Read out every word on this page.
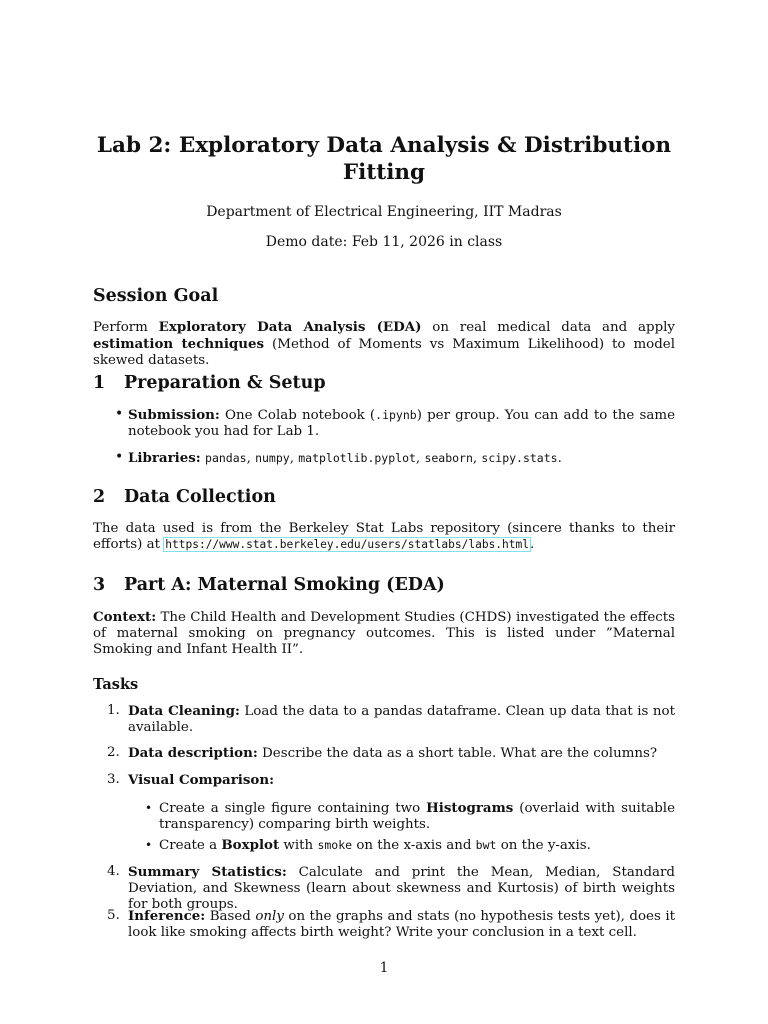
Lab 2: Exploratory Data Analysis & Distribution
Fitting
Department of Electrical Engineering, IIT Madras
Demo date: Feb 11, 2026 in class
Session Goal
Perform Exploratory Data Analysis (EDA) on real medical data and apply estimation techniques (Method of Moments vs Maximum Likelihood) to model skewed datasets.
1 Preparation & Setup
• Submission: One Colab notebook (.ipynb) per group. You can add to the same notebook you had for Lab 1.
• Libraries: pandas, numpy, matplotlib.pyplot, seaborn, scipy.stats.
2 Data Collection
The data used is from the Berkeley Stat Labs repository (sincere thanks to their efforts) at https://www.stat.berkeley.edu/users/statlabs/labs.html.
3 Part A: Maternal Smoking (EDA)
Context: The Child Health and Development Studies (CHDS) investigated the effects of maternal smoking on pregnancy outcomes. This is listed under ”Maternal Smoking and Infant Health II”.
Tasks
1. Data Cleaning: Load the data to a pandas dataframe. Clean up data that is not available.
2. Data description: Describe the data as a short table. What are the columns?
3. Visual Comparison:
• Create a single figure containing two Histograms (overlaid with suitable transparency) comparing birth weights.
• Create a Boxplot with smoke on the x-axis and bwt on the y-axis.
4. Summary Statistics: Calculate and print the Mean, Median, Standard Deviation, and Skewness (learn about skewness and Kurtosis) of birth weights for both groups.
5. Inference: Based only on the graphs and stats (no hypothesis tests yet), does it look like smoking affects birth weight? Write your conclusion in a text cell.
1
